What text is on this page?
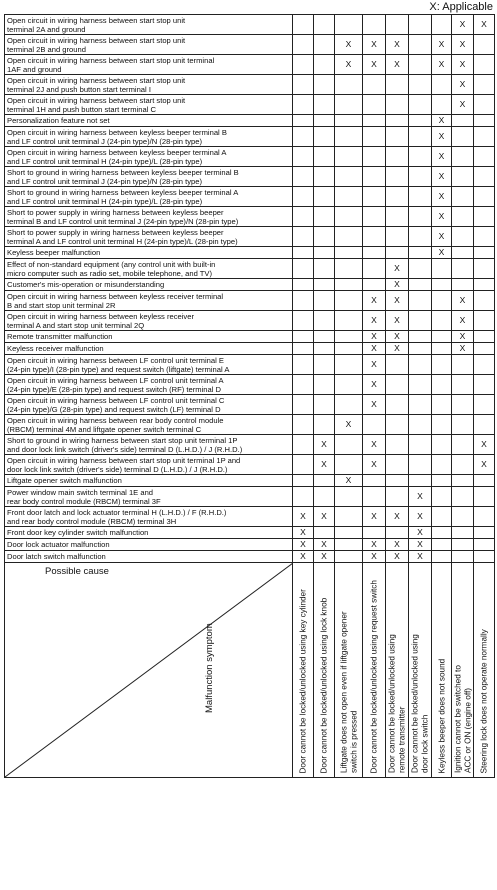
X: Applicable
Open circuit in wiring harness between start stop unit
terminal 2A and ground								X	X
Open circuit in wiring harness between start stop unit
terminal 2B and ground			X	X	X		X	X	
Open circuit in wiring harness between start stop unit terminal
1AF and ground			X	X	X		X	X	
Open circuit in wiring harness between start stop unit
terminal 2J and push button start terminal I								X	
Open circuit in wiring harness between start stop unit
terminal 1H and push button start terminal C								X	
Personalization feature not set							X		
Open circuit in wiring harness between keyless beeper terminal B
and LF control unit terminal J (24-pin type)/N (28-pin type)							X		
Open circuit in wiring harness between keyless beeper terminal A
and LF control unit terminal H (24-pin type)/L (28-pin type)							X		
Short to ground in wiring harness between keyless beeper terminal B
and LF control unit terminal J (24-pin type)/N (28-pin type)							X		
Short to ground in wiring harness between keyless beeper terminal A
and LF control unit terminal H (24-pin type)/L (28-pin type)							X		
Short to power supply in wiring harness between keyless beeper
terminal B and LF control unit terminal J (24-pin type)/N (28-pin type)							X		
Short to power supply in wiring harness between keyless beeper
terminal A and LF control unit terminal H (24-pin type)/L (28-pin type)							X		
Keyless beeper malfunction							X		
Effect of non-standard equipment (any control unit with built-in
micro computer such as radio set, mobile telephone, and TV)					X				
Customer's mis-operation or misunderstanding					X				
Open circuit in wiring harness between keyless receiver terminal
B and start stop unit terminal 2R				X	X			X	
Open circuit in wiring harness between keyless receiver
terminal A and start stop unit terminal 2Q				X	X			X	
Remote transmitter malfunction				X	X			X	
Keyless receiver malfunction				X	X			X	
Open circuit in wiring harness between LF control unit terminal E
(24-pin type)/I (28-pin type) and request switch (liftgate) terminal A				X					
Open circuit in wiring harness between LF control unit terminal A
(24-pin type)/E (28-pin type) and request switch (RF) terminal D				X					
Open circuit in wiring harness between LF control unit terminal C
(24-pin type)/G (28-pin type) and request switch (LF) terminal D				X					
Open circuit in wiring harness between rear body control module
(RBCM) terminal 4M and liftgate opener switch terminal C			X						
Short to ground in wiring harness between start stop unit terminal 1P
and door lock link switch (driver's side) terminal D (L.H.D.) / J (R.H.D.)		X		X					X
Open circuit in wiring harness between start stop unit terminal 1P and
door lock link switch (driver's side) terminal D (L.H.D.) / J (R.H.D.)		X		X					X
Liftgate opener switch malfunction			X						
Power window main switch terminal 1E and
rear body control module (RBCM) terminal 3F						X			
Front door latch and lock actuator terminal H (L.H.D.) / F (R.H.D.)
and rear body control module (RBCM) terminal 3H	X	X		X	X	X			
Front door key cylinder switch malfunction	X					X			
Door lock actuator malfunction	X	X		X	X	X			
Door latch switch malfunction	X	X		X	X	X			

Possible cause
Malfunction symptom	Door cannot be locked/unlocked using key cylinder	Door cannot be locked/unlocked using lock knob	Liftgate does not open even if liftgate opener
switch is pressed	Door cannot be locked/unlocked using request switch	Door cannot be locked/unlocked using
remote transmitter	Door cannot be locked/unlocked using
door lock switch	Keyless beeper does not sound	Ignition cannot be switched to
ACC or ON (engine off)	Steering lock does not operate normally
